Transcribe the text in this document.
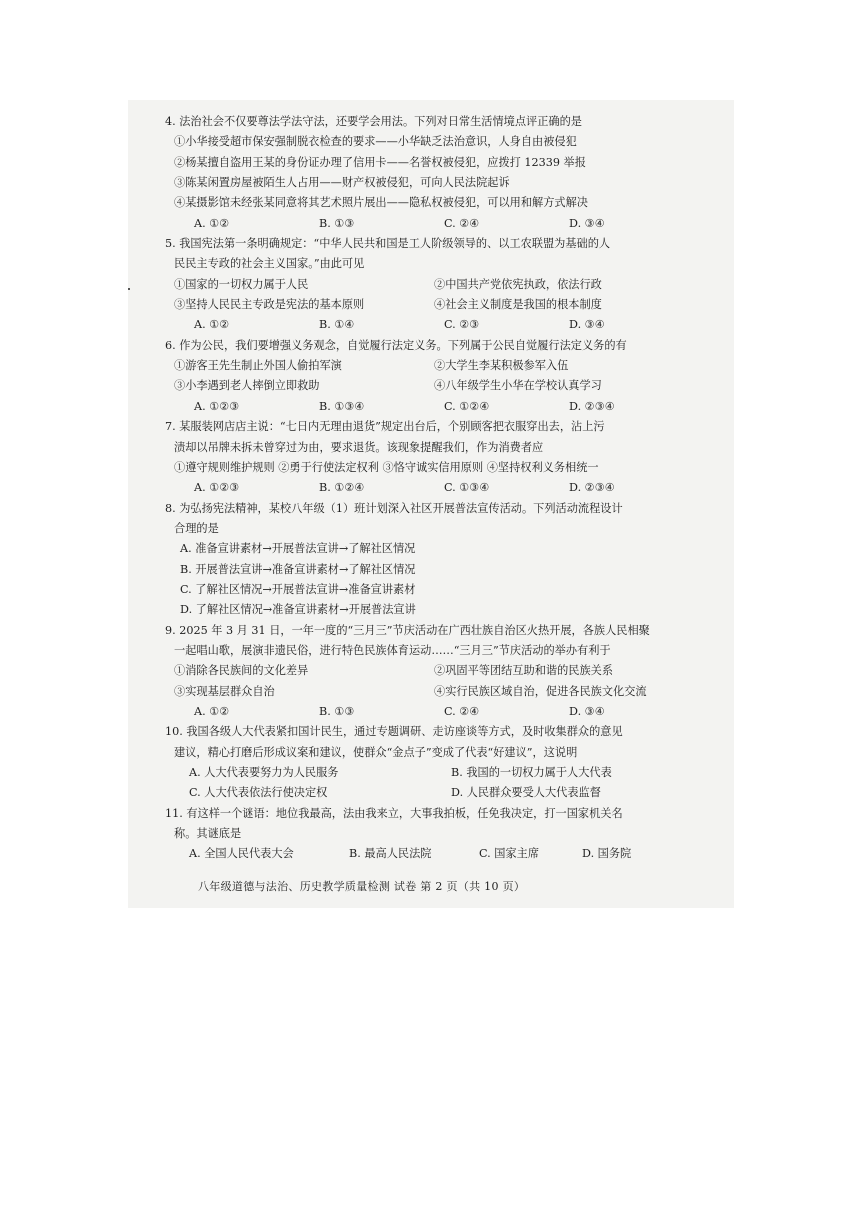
4. 法治社会不仅要尊法学法守法，还要学会用法。下列对日常生活情境点评正确的是
①小华接受超市保安强制脱衣检查的要求——小华缺乏法治意识，人身自由被侵犯
②杨某擅自盗用王某的身份证办理了信用卡——名誉权被侵犯，应拨打 12339 举报
③陈某闲置房屋被陌生人占用——财产权被侵犯，可向人民法院起诉
④某摄影馆未经张某同意将其艺术照片展出——隐私权被侵犯，可以用和解方式解决
A. ①②	B. ①③	C. ②④	D. ③④
5. 我国宪法第一条明确规定：“中华人民共和国是工人阶级领导的、以工农联盟为基础的人
民民主专政的社会主义国家。”由此可见
①国家的一切权力属于人民	②中国共产党依宪执政，依法行政
③坚持人民民主专政是宪法的基本原则	④社会主义制度是我国的根本制度
A. ①②	B. ①④	C. ②③	D. ③④
6. 作为公民，我们要增强义务观念，自觉履行法定义务。下列属于公民自觉履行法定义务的有
①游客王先生制止外国人偷拍军演	②大学生李某积极参军入伍
③小李遇到老人摔倒立即救助	④八年级学生小华在学校认真学习
A. ①②③	B. ①③④	C. ①②④	D. ②③④
7. 某服装网店店主说：“七日内无理由退货”规定出台后，个别顾客把衣服穿出去，沾上污
渍却以吊牌未拆未曾穿过为由，要求退货。该现象提醒我们，作为消费者应
①遵守规则维护规则 ②勇于行使法定权利 ③恪守诚实信用原则 ④坚持权利义务相统一
A. ①②③	B. ①②④	C. ①③④	D. ②③④
8. 为弘扬宪法精神，某校八年级（1）班计划深入社区开展普法宣传活动。下列活动流程设计
合理的是
A. 准备宣讲素材→开展普法宣讲→了解社区情况
B. 开展普法宣讲→准备宣讲素材→了解社区情况
C. 了解社区情况→开展普法宣讲→准备宣讲素材
D. 了解社区情况→准备宣讲素材→开展普法宣讲
9. 2025 年 3 月 31 日，一年一度的“三月三”节庆活动在广西壮族自治区火热开展，各族人民相聚
一起唱山歌，展演非遗民俗，进行特色民族体育运动……“三月三”节庆活动的举办有利于
①消除各民族间的文化差异	②巩固平等团结互助和谐的民族关系
③实现基层群众自治	④实行民族区域自治，促进各民族文化交流
A. ①②	B. ①③	C. ②④	D. ③④
10. 我国各级人大代表紧扣国计民生，通过专题调研、走访座谈等方式，及时收集群众的意见
建议，精心打磨后形成议案和建议，使群众“金点子”变成了代表“好建议”，这说明
A. 人大代表要努力为人民服务	B. 我国的一切权力属于人大代表
C. 人大代表依法行使决定权	D. 人民群众要受人大代表监督
11. 有这样一个谜语：地位我最高，法由我来立，大事我拍板，任免我决定，打一国家机关名
称。其谜底是
A. 全国人民代表大会	B. 最高人民法院	C. 国家主席	D. 国务院
八年级道德与法治、历史教学质量检测 试卷 第 2 页（共 10 页）
